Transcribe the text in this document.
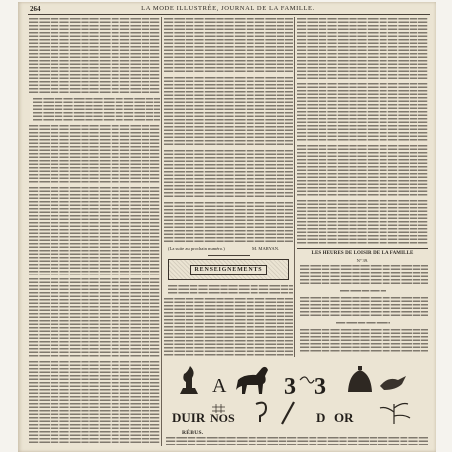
264	LA MODE ILLUSTRÉE, JOURNAL DE LA FAMILLE.
(La suite au prochain numéro.)	M. MARYAN.
RENSEIGNEMENTS
LES HEURES DE LOISIR DE LA FAMILLE
Nº 39.
A 3 3
DUIR NOS	D OR
RÉBUS.
